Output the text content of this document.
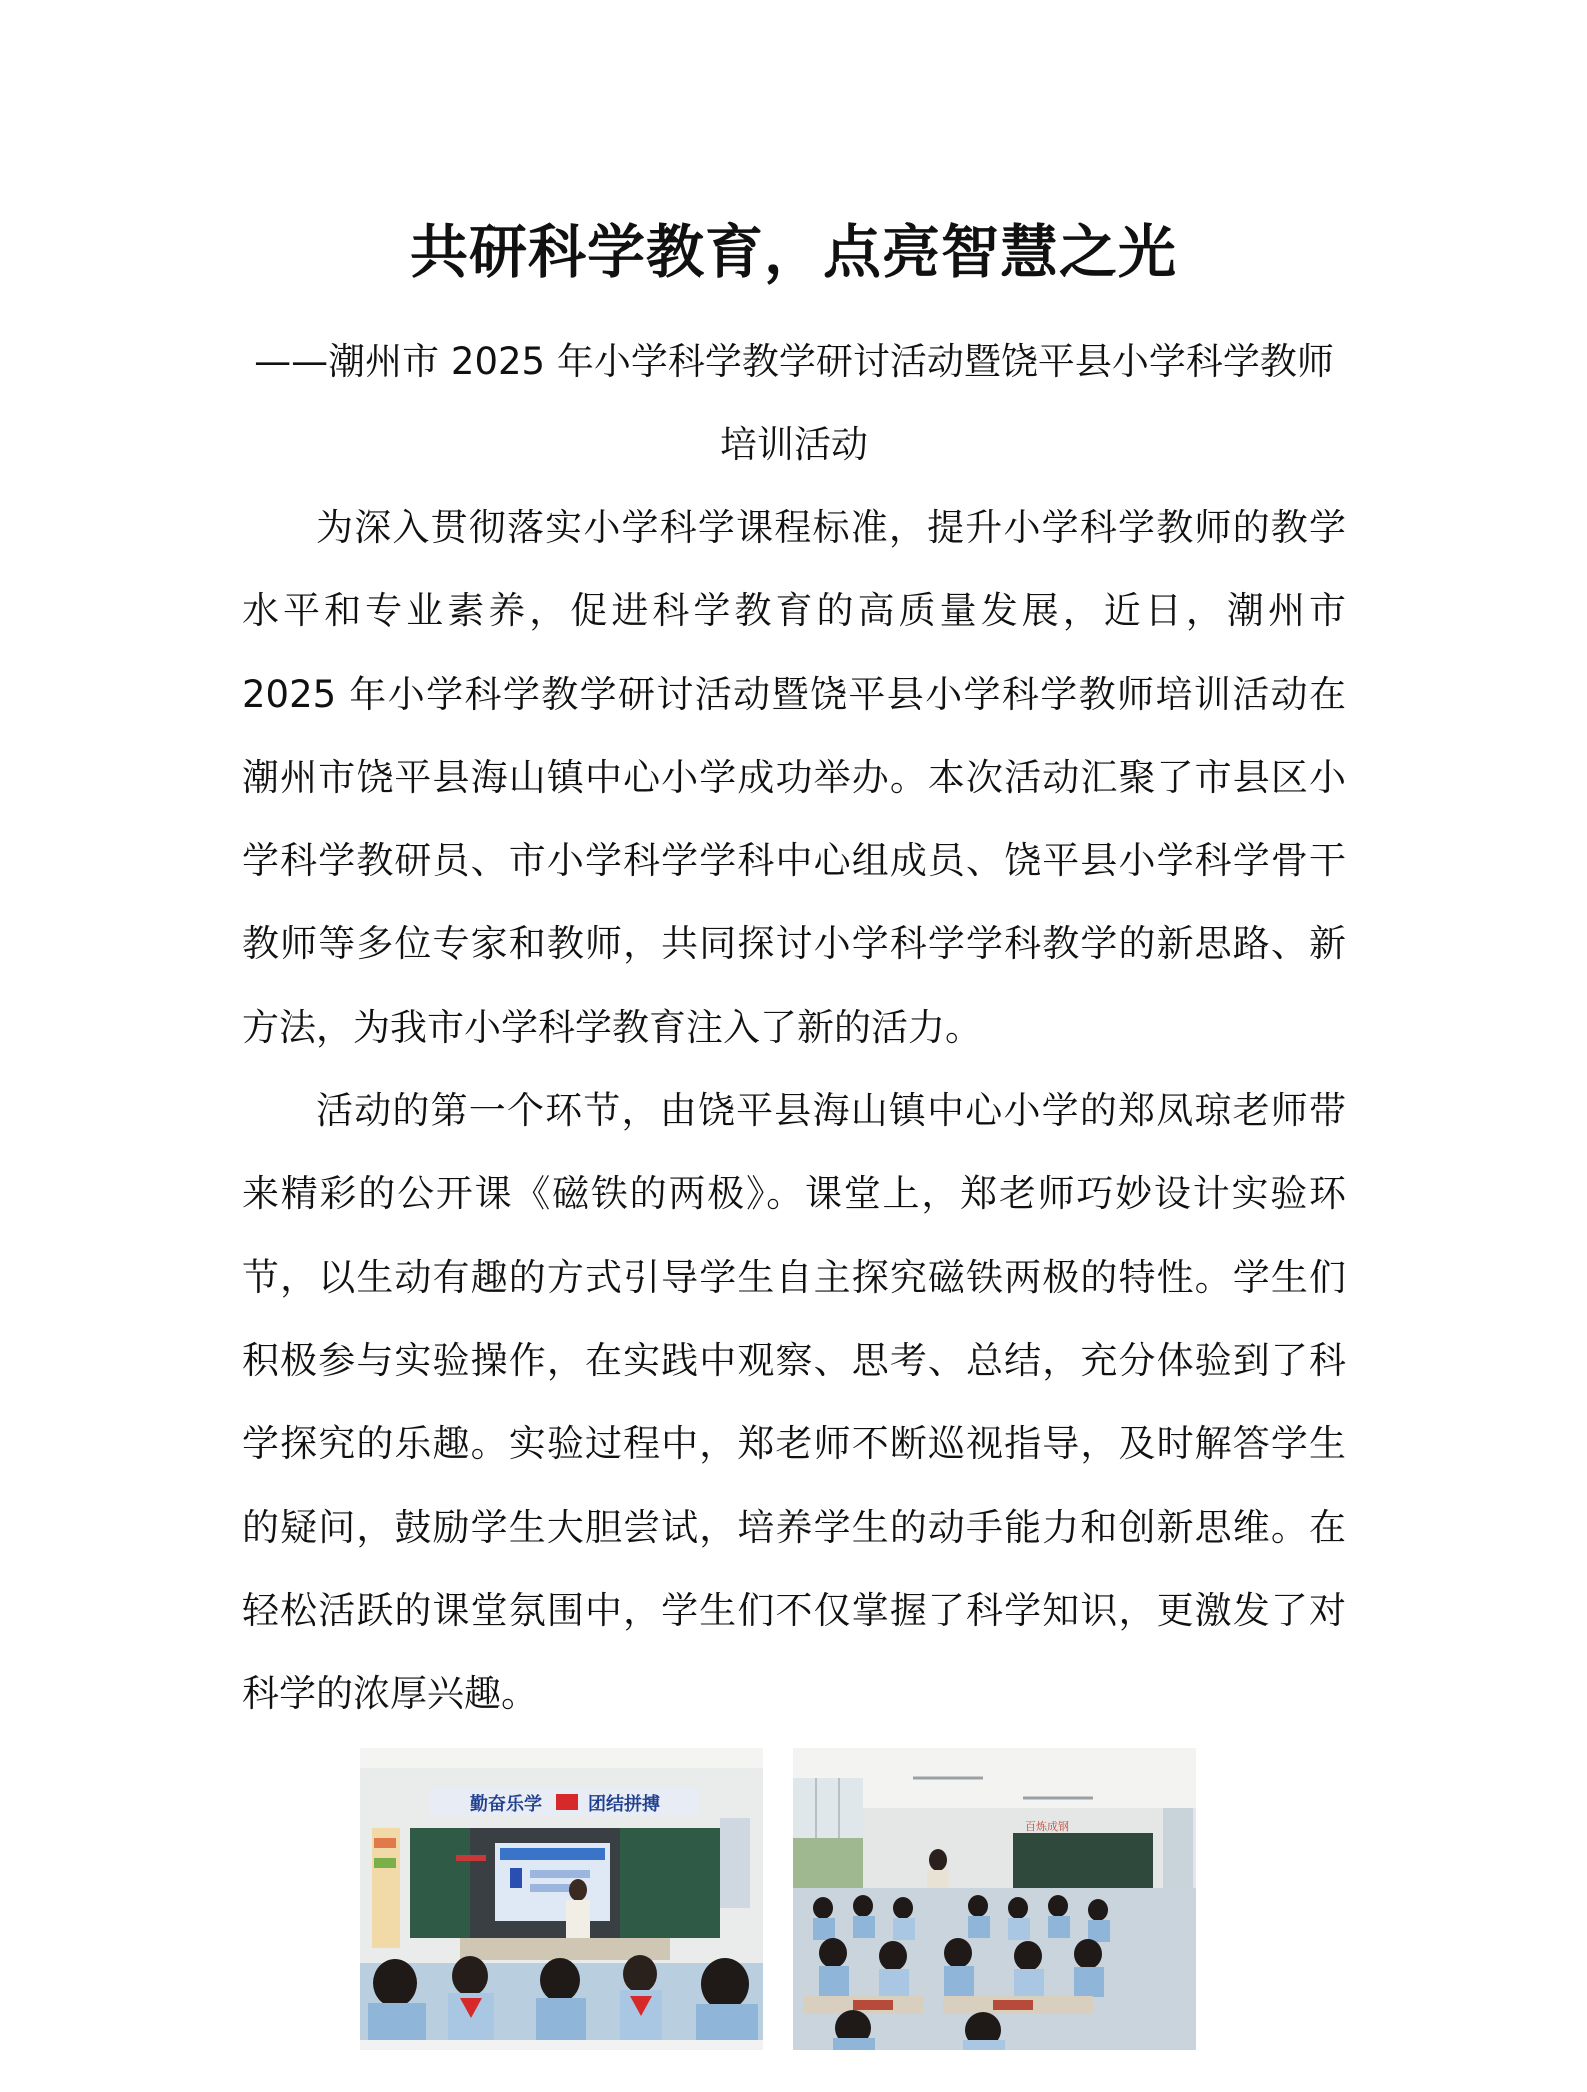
共研科学教育，点亮智慧之光
——潮州市 2025 年小学科学教学研讨活动暨饶平县小学科学教师培训活动

为深入贯彻落实小学科学课程标准，提升小学科学教师的教学水平和专业素养，促进科学教育的高质量发展，近日，潮州市 2025 年小学科学教学研讨活动暨饶平县小学科学教师培训活动在潮州市饶平县海山镇中心小学成功举办。本次活动汇聚了市县区小学科学教研员、市小学科学学科中心组成员、饶平县小学科学骨干教师等多位专家和教师，共同探讨小学科学学科教学的新思路、新方法，为我市小学科学教育注入了新的活力。

活动的第一个环节，由饶平县海山镇中心小学的郑凤琼老师带来精彩的公开课《磁铁的两极》。课堂上，郑老师巧妙设计实验环节，以生动有趣的方式引导学生自主探究磁铁两极的特性。学生们积极参与实验操作，在实践中观察、思考、总结，充分体验到了科学探究的乐趣。实验过程中，郑老师不断巡视指导，及时解答学生的疑问，鼓励学生大胆尝试，培养学生的动手能力和创新思维。在轻松活跃的课堂氛围中，学生们不仅掌握了科学知识，更激发了对科学的浓厚兴趣。

勤奋乐学	团结拼搏
百炼成钢
